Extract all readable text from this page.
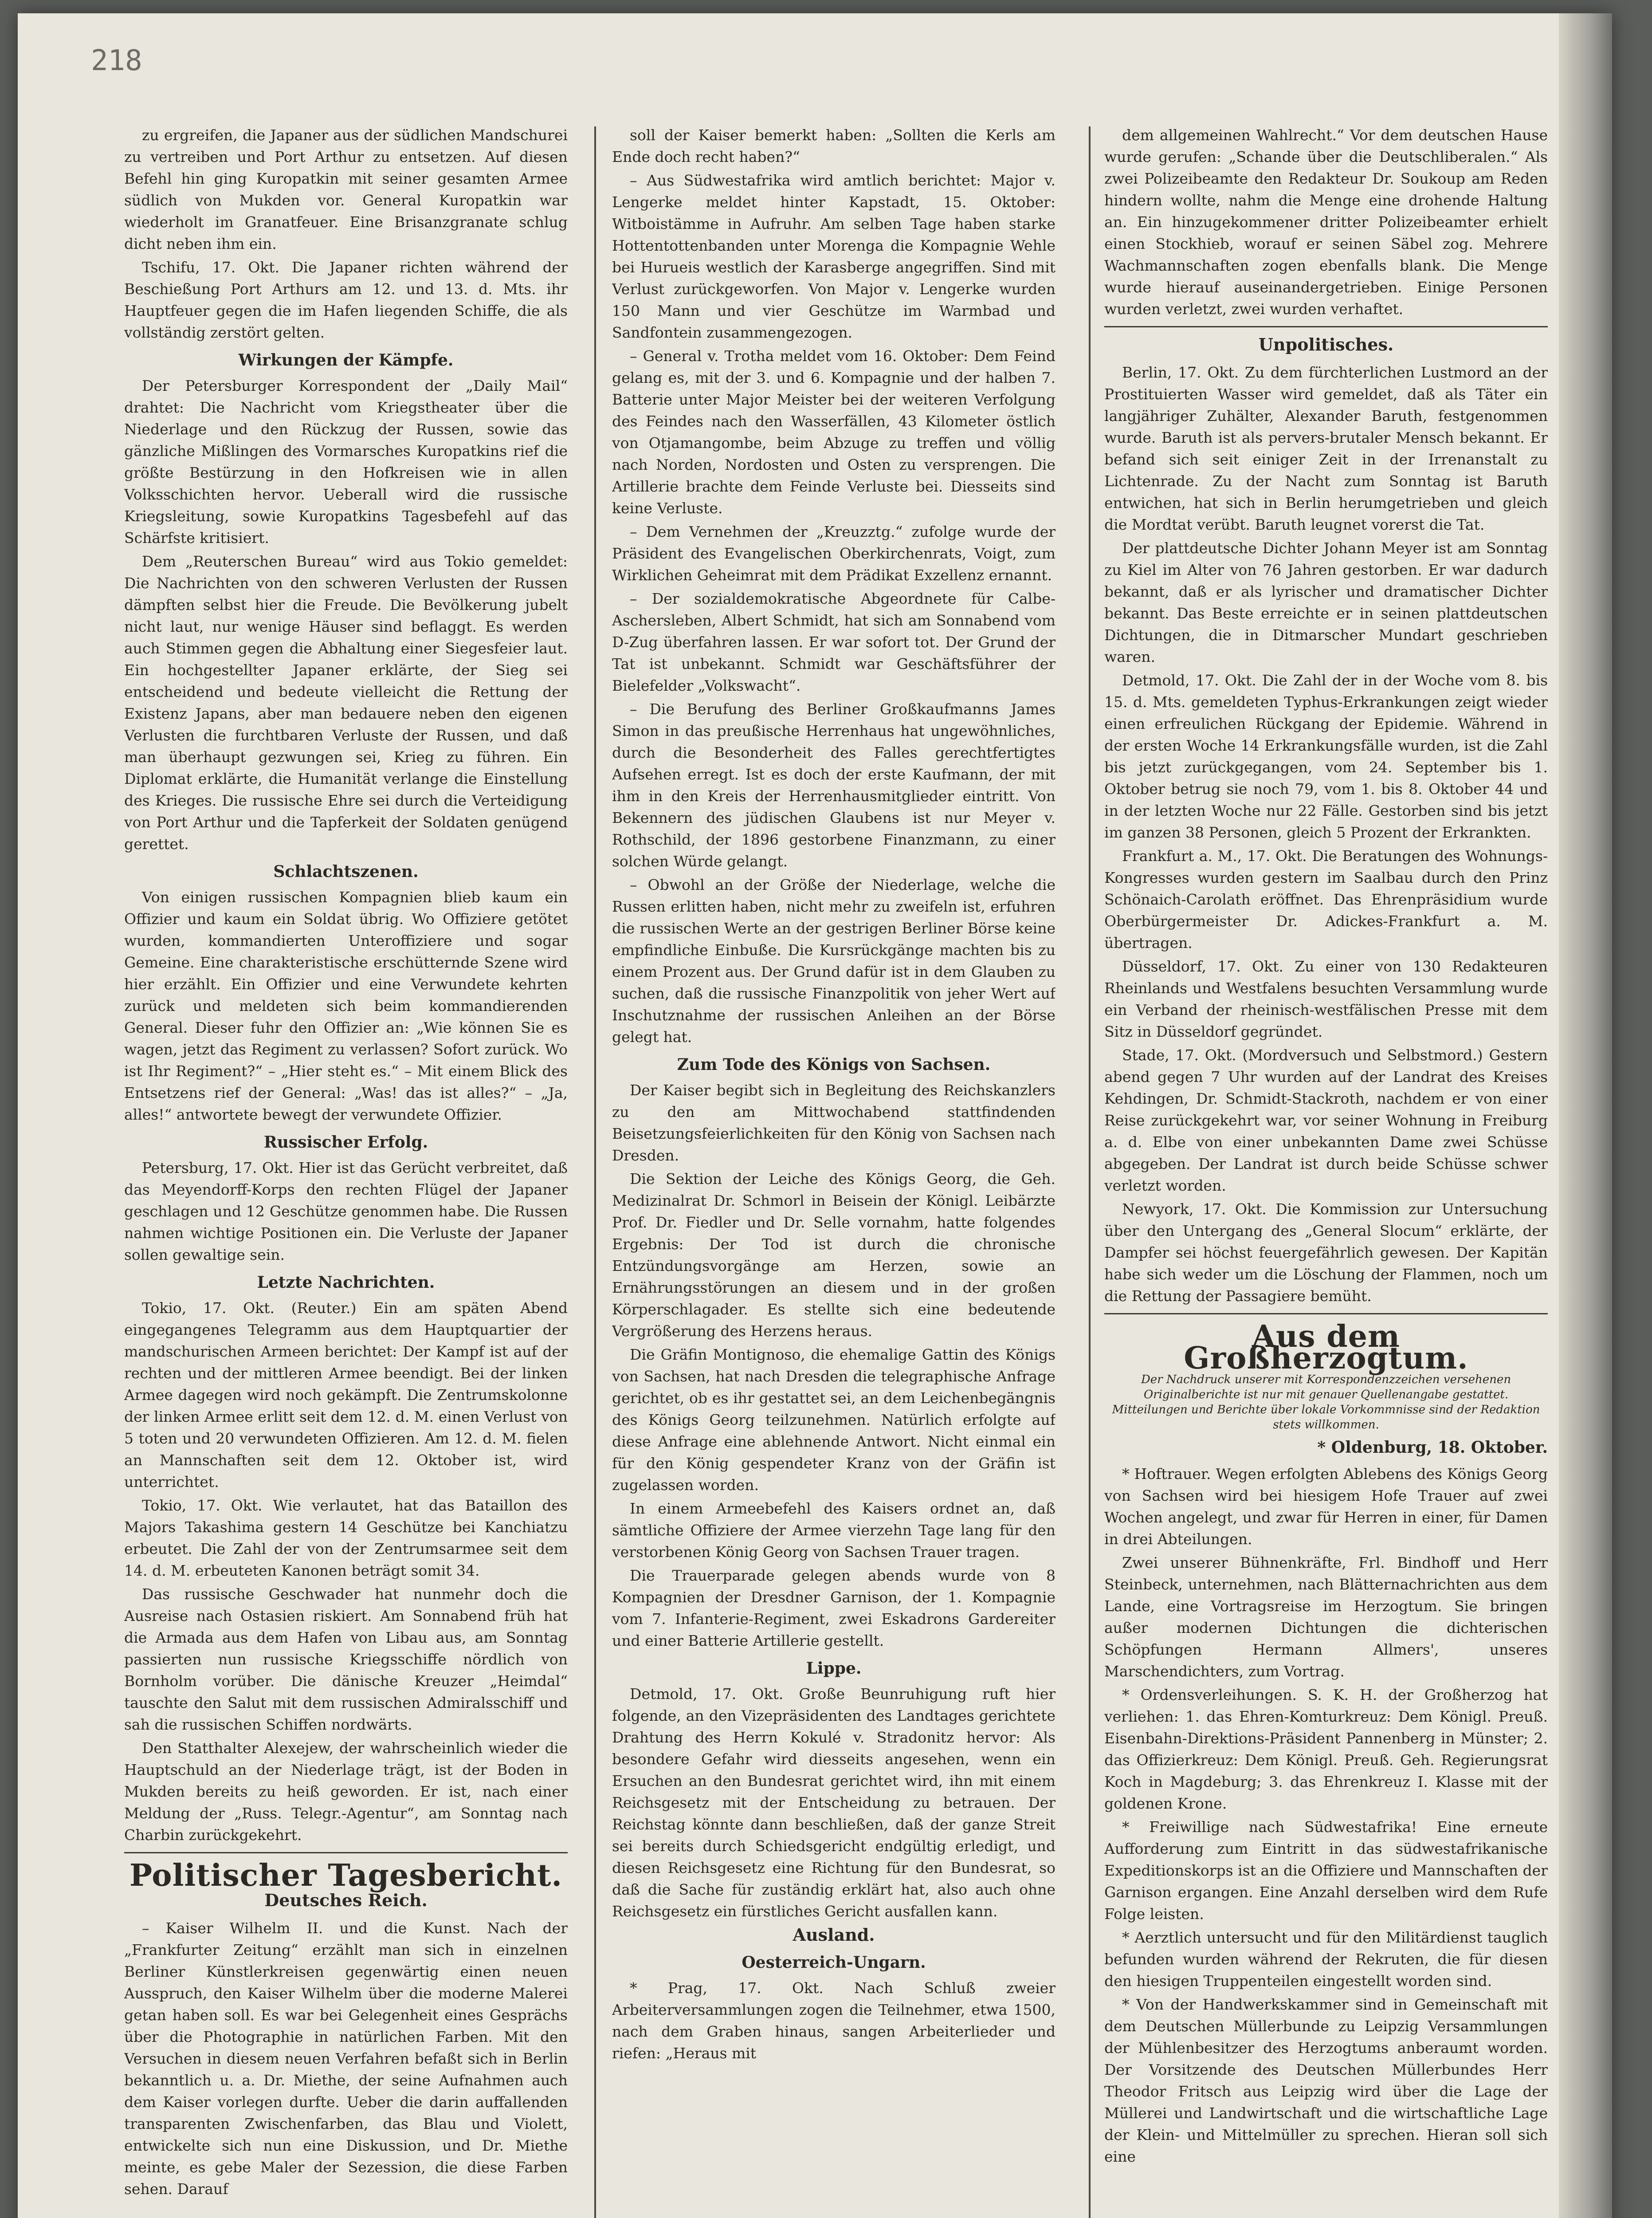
218

zu ergreifen, die Japaner aus der südlichen Mandschurei zu vertreiben und Port Arthur zu entsetzen. Auf diesen Befehl hin ging Kuropatkin mit seiner gesamten Armee südlich von Mukden vor. General Kuropatkin war wiederholt im Granatfeuer. Eine Brisanzgranate schlug dicht neben ihm ein.

Tschifu, 17. Okt. Die Japaner richten während der Beschießung Port Arthurs am 12. und 13. d. Mts. ihr Hauptfeuer gegen die im Hafen liegenden Schiffe, die als vollständig zerstört gelten.

Wirkungen der Kämpfe.

Der Petersburger Korrespondent der „Daily Mail“ drahtet: Die Nachricht vom Kriegstheater über die Niederlage und den Rückzug der Russen, sowie das gänzliche Mißlingen des Vormarsches Kuropatkins rief die größte Bestürzung in den Hofkreisen wie in allen Volksschichten hervor. Ueberall wird die russische Kriegsleitung, sowie Kuropatkins Tagesbefehl auf das Schärfste kritisiert.

Dem „Reuterschen Bureau“ wird aus Tokio gemeldet: Die Nachrichten von den schweren Verlusten der Russen dämpften selbst hier die Freude. Die Bevölkerung jubelt nicht laut, nur wenige Häuser sind beflaggt. Es werden auch Stimmen gegen die Abhaltung einer Siegesfeier laut. Ein hochgestellter Japaner erklärte, der Sieg sei entscheidend und bedeute vielleicht die Rettung der Existenz Japans, aber man bedauere neben den eigenen Verlusten die furchtbaren Verluste der Russen, und daß man überhaupt gezwungen sei, Krieg zu führen. Ein Diplomat erklärte, die Humanität verlange die Einstellung des Krieges. Die russische Ehre sei durch die Verteidigung von Port Arthur und die Tapferkeit der Soldaten genügend gerettet.

Schlachtszenen.

Von einigen russischen Kompagnien blieb kaum ein Offizier und kaum ein Soldat übrig. Wo Offiziere getötet wurden, kommandierten Unteroffiziere und sogar Gemeine. Eine charakteristische erschütternde Szene wird hier erzählt. Ein Offizier und eine Verwundete kehrten zurück und meldeten sich beim kommandierenden General. Dieser fuhr den Offizier an: „Wie können Sie es wagen, jetzt das Regiment zu verlassen? Sofort zurück. Wo ist Ihr Regiment?“ – „Hier steht es.“ – Mit einem Blick des Entsetzens rief der General: „Was! das ist alles?“ – „Ja, alles!“ antwortete bewegt der verwundete Offizier.

Russischer Erfolg.

Petersburg, 17. Okt. Hier ist das Gerücht verbreitet, daß das Meyendorff-Korps den rechten Flügel der Japaner geschlagen und 12 Geschütze genommen habe. Die Russen nahmen wichtige Positionen ein. Die Verluste der Japaner sollen gewaltige sein.

Letzte Nachrichten.

Tokio, 17. Okt. (Reuter.) Ein am späten Abend eingegangenes Telegramm aus dem Hauptquartier der mandschurischen Armeen berichtet: Der Kampf ist auf der rechten und der mittleren Armee beendigt. Bei der linken Armee dagegen wird noch gekämpft. Die Zentrumskolonne der linken Armee erlitt seit dem 12. d. M. einen Verlust von 5 toten und 20 verwundeten Offizieren. Am 12. d. M. fielen an Mannschaften seit dem 12. Oktober ist, wird unterrichtet.

Tokio, 17. Okt. Wie verlautet, hat das Bataillon des Majors Takashima gestern 14 Geschütze bei Kanchiatzu erbeutet. Die Zahl der von der Zentrumsarmee seit dem 14. d. M. erbeuteten Kanonen beträgt somit 34.

Das russische Geschwader hat nunmehr doch die Ausreise nach Ostasien riskiert. Am Sonnabend früh hat die Armada aus dem Hafen von Libau aus, am Sonntag passierten nun russische Kriegsschiffe nördlich von Bornholm vorüber. Die dänische Kreuzer „Heimdal“ tauschte den Salut mit dem russischen Admiralsschiff und sah die russischen Schiffen nordwärts.

Den Statthalter Alexejew, der wahrscheinlich wieder die Hauptschuld an der Niederlage trägt, ist der Boden in Mukden bereits zu heiß geworden. Er ist, nach einer Meldung der „Russ. Telegr.-Agentur“, am Sonntag nach Charbin zurückgekehrt.

Politischer Tagesbericht.
Deutsches Reich.

– Kaiser Wilhelm II. und die Kunst. Nach der „Frankfurter Zeitung“ erzählt man sich in einzelnen Berliner Künstlerkreisen gegenwärtig einen neuen Ausspruch, den Kaiser Wilhelm über die moderne Malerei getan haben soll. Es war bei Gelegenheit eines Gesprächs über die Photographie in natürlichen Farben. Mit den Versuchen in diesem neuen Verfahren befaßt sich in Berlin bekanntlich u. a. Dr. Miethe, der seine Aufnahmen auch dem Kaiser vorlegen durfte. Ueber die darin auffallenden transparenten Zwischenfarben, das Blau und Violett, entwickelte sich nun eine Diskussion, und Dr. Miethe meinte, es gebe Maler der Sezession, die diese Farben sehen. Darauf

soll der Kaiser bemerkt haben: „Sollten die Kerls am Ende doch recht haben?“

– Aus Südwestafrika wird amtlich berichtet: Major v. Lengerke meldet hinter Kapstadt, 15. Oktober: Witboistämme in Aufruhr. Am selben Tage haben starke Hottentottenbanden unter Morenga die Kompagnie Wehle bei Hurueis westlich der Karasberge angegriffen. Sind mit Verlust zurückgeworfen. Von Major v. Lengerke wurden 150 Mann und vier Geschütze im Warmbad und Sandfontein zusammengezogen.

– General v. Trotha meldet vom 16. Oktober: Dem Feind gelang es, mit der 3. und 6. Kompagnie und der halben 7. Batterie unter Major Meister bei der weiteren Verfolgung des Feindes nach den Wasserfällen, 43 Kilometer östlich von Otjamangombe, beim Abzuge zu treffen und völlig nach Norden, Nordosten und Osten zu versprengen. Die Artillerie brachte dem Feinde Verluste bei. Diesseits sind keine Verluste.

– Dem Vernehmen der „Kreuzztg.“ zufolge wurde der Präsident des Evangelischen Oberkirchenrats, Voigt, zum Wirklichen Geheimrat mit dem Prädikat Exzellenz ernannt.

– Der sozialdemokratische Abgeordnete für Calbe-Aschersleben, Albert Schmidt, hat sich am Sonnabend vom D-Zug überfahren lassen. Er war sofort tot. Der Grund der Tat ist unbekannt. Schmidt war Geschäftsführer der Bielefelder „Volkswacht“.

– Die Berufung des Berliner Großkaufmanns James Simon in das preußische Herrenhaus hat ungewöhnliches, durch die Besonderheit des Falles gerechtfertigtes Aufsehen erregt. Ist es doch der erste Kaufmann, der mit ihm in den Kreis der Herrenhausmitglieder eintritt. Von Bekennern des jüdischen Glaubens ist nur Meyer v. Rothschild, der 1896 gestorbene Finanzmann, zu einer solchen Würde gelangt.

– Obwohl an der Größe der Niederlage, welche die Russen erlitten haben, nicht mehr zu zweifeln ist, erfuhren die russischen Werte an der gestrigen Berliner Börse keine empfindliche Einbuße. Die Kursrückgänge machten bis zu einem Prozent aus. Der Grund dafür ist in dem Glauben zu suchen, daß die russische Finanzpolitik von jeher Wert auf Inschutznahme der russischen Anleihen an der Börse gelegt hat.

Zum Tode des Königs von Sachsen.

Der Kaiser begibt sich in Begleitung des Reichskanzlers zu den am Mittwochabend stattfindenden Beisetzungsfeierlichkeiten für den König von Sachsen nach Dresden.

Die Sektion der Leiche des Königs Georg, die Geh. Medizinalrat Dr. Schmorl in Beisein der Königl. Leibärzte Prof. Dr. Fiedler und Dr. Selle vornahm, hatte folgendes Ergebnis: Der Tod ist durch die chronische Entzündungsvorgänge am Herzen, sowie an Ernährungsstörungen an diesem und in der großen Körperschlagader. Es stellte sich eine bedeutende Vergrößerung des Herzens heraus.

Die Gräfin Montignoso, die ehemalige Gattin des Königs von Sachsen, hat nach Dresden die telegraphische Anfrage gerichtet, ob es ihr gestattet sei, an dem Leichenbegängnis des Königs Georg teilzunehmen. Natürlich erfolgte auf diese Anfrage eine ablehnende Antwort. Nicht einmal ein für den König gespendeter Kranz von der Gräfin ist zugelassen worden.

In einem Armeebefehl des Kaisers ordnet an, daß sämtliche Offiziere der Armee vierzehn Tage lang für den verstorbenen König Georg von Sachsen Trauer tragen.

Die Trauerparade gelegen abends wurde von 8 Kompagnien der Dresdner Garnison, der 1. Kompagnie vom 7. Infanterie-Regiment, zwei Eskadrons Gardereiter und einer Batterie Artillerie gestellt.

Lippe.

Detmold, 17. Okt. Große Beunruhigung ruft hier folgende, an den Vizepräsidenten des Landtages gerichtete Drahtung des Herrn Kokulé v. Stradonitz hervor: Als besondere Gefahr wird diesseits angesehen, wenn ein Ersuchen an den Bundesrat gerichtet wird, ihn mit einem Reichsgesetz mit der Entscheidung zu betrauen. Der Reichstag könnte dann beschließen, daß der ganze Streit sei bereits durch Schiedsgericht endgültig erledigt, und diesen Reichsgesetz eine Richtung für den Bundesrat, so daß die Sache für zuständig erklärt hat, also auch ohne Reichsgesetz ein fürstliches Gericht ausfallen kann.

Ausland.
Oesterreich-Ungarn.

* Prag, 17. Okt. Nach Schluß zweier Arbeiterversammlungen zogen die Teilnehmer, etwa 1500, nach dem Graben hinaus, sangen Arbeiterlieder und riefen: „Heraus mit

dem allgemeinen Wahlrecht.“ Vor dem deutschen Hause wurde gerufen: „Schande über die Deutschliberalen.“ Als zwei Polizeibeamte den Redakteur Dr. Soukoup am Reden hindern wollte, nahm die Menge eine drohende Haltung an. Ein hinzugekommener dritter Polizeibeamter erhielt einen Stockhieb, worauf er seinen Säbel zog. Mehrere Wachmannschaften zogen ebenfalls blank. Die Menge wurde hierauf auseinandergetrieben. Einige Personen wurden verletzt, zwei wurden verhaftet.

Unpolitisches.

Berlin, 17. Okt. Zu dem fürchterlichen Lustmord an der Prostituierten Wasser wird gemeldet, daß als Täter ein langjähriger Zuhälter, Alexander Baruth, festgenommen wurde. Baruth ist als pervers-brutaler Mensch bekannt. Er befand sich seit einiger Zeit in der Irrenanstalt zu Lichtenrade. Zu der Nacht zum Sonntag ist Baruth entwichen, hat sich in Berlin herumgetrieben und gleich die Mordtat verübt. Baruth leugnet vorerst die Tat.

Der plattdeutsche Dichter Johann Meyer ist am Sonntag zu Kiel im Alter von 76 Jahren gestorben. Er war dadurch bekannt, daß er als lyrischer und dramatischer Dichter bekannt. Das Beste erreichte er in seinen plattdeutschen Dichtungen, die in Ditmarscher Mundart geschrieben waren.

Detmold, 17. Okt. Die Zahl der in der Woche vom 8. bis 15. d. Mts. gemeldeten Typhus-Erkrankungen zeigt wieder einen erfreulichen Rückgang der Epidemie. Während in der ersten Woche 14 Erkrankungsfälle wurden, ist die Zahl bis jetzt zurückgegangen, vom 24. September bis 1. Oktober betrug sie noch 79, vom 1. bis 8. Oktober 44 und in der letzten Woche nur 22 Fälle. Gestorben sind bis jetzt im ganzen 38 Personen, gleich 5 Prozent der Erkrankten.

Frankfurt a. M., 17. Okt. Die Beratungen des Wohnungs-Kongresses wurden gestern im Saalbau durch den Prinz Schönaich-Carolath eröffnet. Das Ehrenpräsidium wurde Oberbürgermeister Dr. Adickes-Frankfurt a. M. übertragen.

Düsseldorf, 17. Okt. Zu einer von 130 Redakteuren Rheinlands und Westfalens besuchten Versammlung wurde ein Verband der rheinisch-westfälischen Presse mit dem Sitz in Düsseldorf gegründet.

Stade, 17. Okt. (Mordversuch und Selbstmord.) Gestern abend gegen 7 Uhr wurden auf der Landrat des Kreises Kehdingen, Dr. Schmidt-Stackroth, nachdem er von einer Reise zurückgekehrt war, vor seiner Wohnung in Freiburg a. d. Elbe von einer unbekannten Dame zwei Schüsse abgegeben. Der Landrat ist durch beide Schüsse schwer verletzt worden.

Newyork, 17. Okt. Die Kommission zur Untersuchung über den Untergang des „General Slocum“ erklärte, der Dampfer sei höchst feuergefährlich gewesen. Der Kapitän habe sich weder um die Löschung der Flammen, noch um die Rettung der Passagiere bemüht.

Aus dem Großherzogtum.
Der Nachdruck unserer mit Korrespondenzzeichen versehenen Originalberichte ist nur mit genauer Quellenangabe gestattet. Mitteilungen und Berichte über lokale Vorkommnisse sind der Redaktion stets willkommen.
* Oldenburg, 18. Oktober.

* Hoftrauer. Wegen erfolgten Ablebens des Königs Georg von Sachsen wird bei hiesigem Hofe Trauer auf zwei Wochen angelegt, und zwar für Herren in einer, für Damen in drei Abteilungen.

Zwei unserer Bühnenkräfte, Frl. Bindhoff und Herr Steinbeck, unternehmen, nach Blätternachrichten aus dem Lande, eine Vortragsreise im Herzogtum. Sie bringen außer modernen Dichtungen die dichterischen Schöpfungen Hermann Allmers', unseres Marschendichters, zum Vortrag.

* Ordensverleihungen. S. K. H. der Großherzog hat verliehen: 1. das Ehren-Komturkreuz: Dem Königl. Preuß. Eisenbahn-Direktions-Präsident Pannenberg in Münster; 2. das Offizierkreuz: Dem Königl. Preuß. Geh. Regierungsrat Koch in Magdeburg; 3. das Ehrenkreuz I. Klasse mit der goldenen Krone.

* Freiwillige nach Südwestafrika! Eine erneute Aufforderung zum Eintritt in das südwestafrikanische Expeditionskorps ist an die Offiziere und Mannschaften der Garnison ergangen. Eine Anzahl derselben wird dem Rufe Folge leisten.

* Aerztlich untersucht und für den Militärdienst tauglich befunden wurden während der Rekruten, die für diesen den hiesigen Truppenteilen eingestellt worden sind.

* Von der Handwerkskammer sind in Gemeinschaft mit dem Deutschen Müllerbunde zu Leipzig Versammlungen der Mühlenbesitzer des Herzogtums anberaumt worden. Der Vorsitzende des Deutschen Müllerbundes Herr Theodor Fritsch aus Leipzig wird über die Lage der Müllerei und Landwirtschaft und die wirtschaftliche Lage der Klein- und Mittelmüller zu sprechen. Hieran soll sich eine
